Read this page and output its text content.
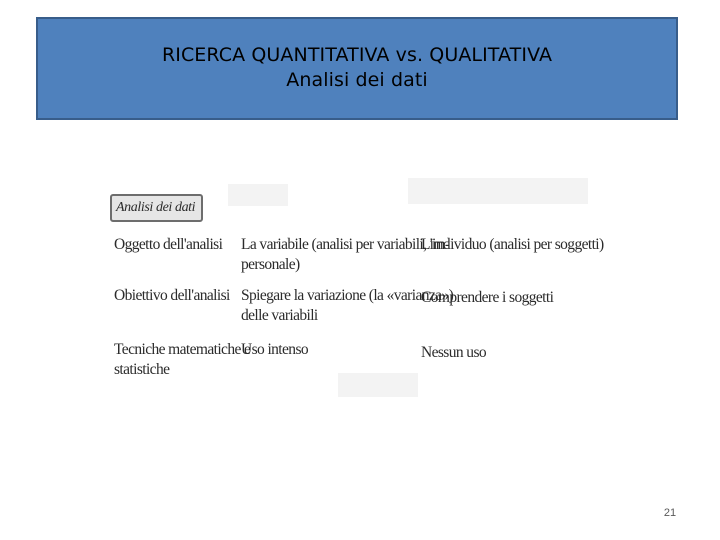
RICERCA QUANTITATIVA vs. QUALITATIVA
Analisi dei dati
Analisi dei dati
Oggetto dell'analisi La variabile (analisi per variabili, im-
personale)
L'individuo (analisi per soggetti)
Obiettivo dell'analisi Spiegare la variazione (la «varianza»)
delle variabili
Comprendere i soggetti
Tecniche matematiche e
statistiche
Uso intenso	Nessun uso
21
